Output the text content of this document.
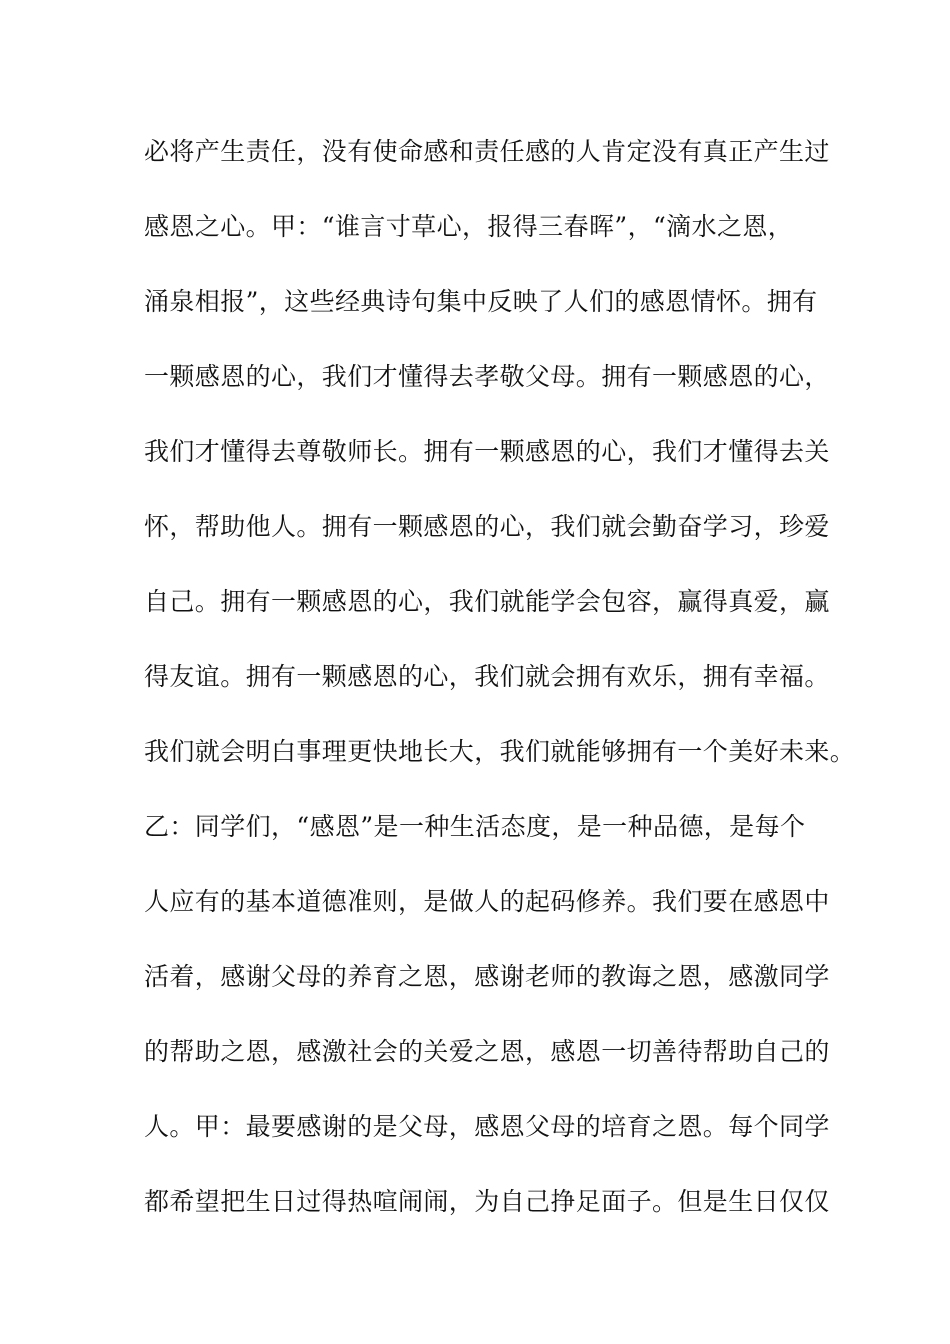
必将产生责任，没有使命感和责任感的人肯定没有真正产生过
感恩之心。甲：“谁言寸草心，报得三春晖”，“滴水之恩，
涌泉相报”，这些经典诗句集中反映了人们的感恩情怀。拥有
一颗感恩的心，我们才懂得去孝敬父母。拥有一颗感恩的心，
我们才懂得去尊敬师长。拥有一颗感恩的心，我们才懂得去关
怀，帮助他人。拥有一颗感恩的心，我们就会勤奋学习，珍爱
自己。拥有一颗感恩的心，我们就能学会包容，赢得真爱，赢
得友谊。拥有一颗感恩的心，我们就会拥有欢乐，拥有幸福。
我们就会明白事理更快地长大，我们就能够拥有一个美好未来。
乙：同学们，“感恩”是一种生活态度，是一种品德，是每个
人应有的基本道德准则，是做人的起码修养。我们要在感恩中
活着，感谢父母的养育之恩，感谢老师的教诲之恩，感激同学
的帮助之恩，感激社会的关爱之恩，感恩一切善待帮助自己的
人。甲：最要感谢的是父母，感恩父母的培育之恩。每个同学
都希望把生日过得热喧闹闹，为自己挣足面子。但是生日仅仅
